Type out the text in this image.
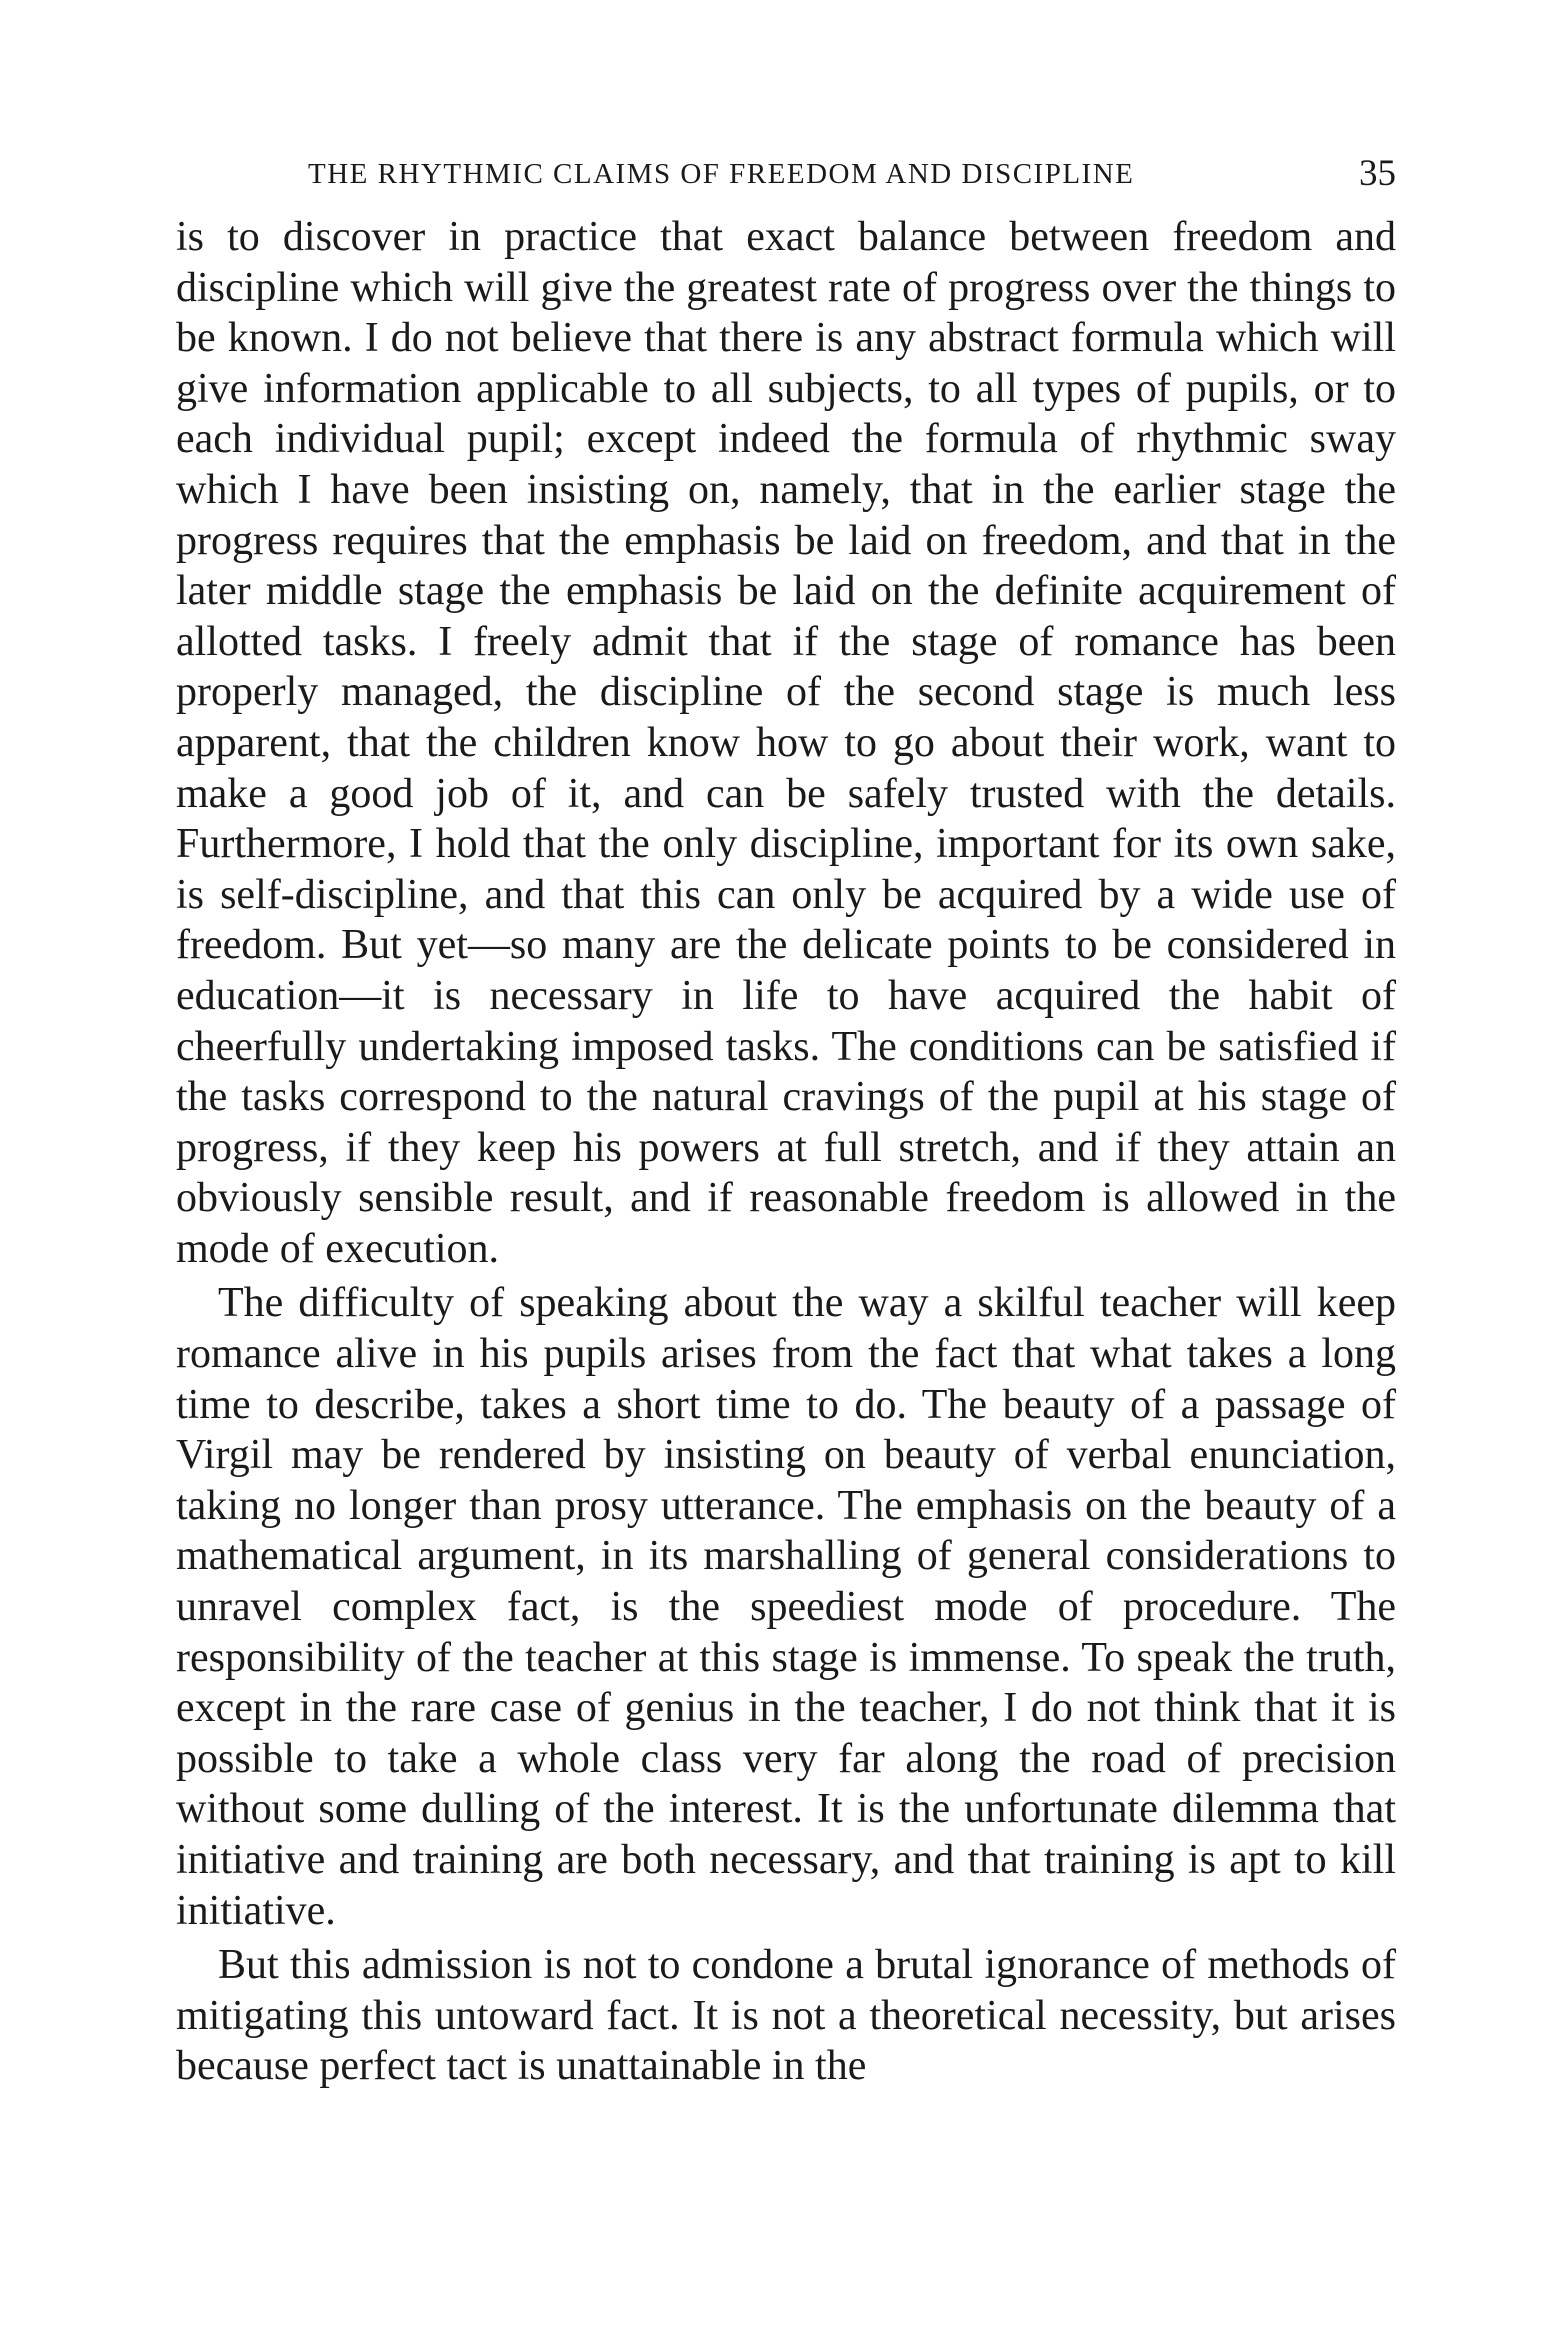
THE RHYTHMIC CLAIMS OF FREEDOM AND DISCIPLINE	35

is to discover in practice that exact balance between freedom and discipline which will give the greatest rate of progress over the things to be known. I do not believe that there is any abstract formula which will give information applicable to all subjects, to all types of pupils, or to each individual pupil; except indeed the formula of rhythmic sway which I have been insisting on, namely, that in the earlier stage the progress requires that the emphasis be laid on freedom, and that in the later middle stage the emphasis be laid on the definite acquirement of allotted tasks. I freely admit that if the stage of romance has been properly managed, the discipline of the second stage is much less apparent, that the children know how to go about their work, want to make a good job of it, and can be safely trusted with the details. Furthermore, I hold that the only discipline, important for its own sake, is self-discipline, and that this can only be acquired by a wide use of freedom. But yet—so many are the delicate points to be considered in education—it is necessary in life to have acquired the habit of cheerfully undertaking imposed tasks. The conditions can be satisfied if the tasks correspond to the natural cravings of the pupil at his stage of progress, if they keep his powers at full stretch, and if they attain an obviously sensible result, and if reasonable freedom is allowed in the mode of execution.

The difficulty of speaking about the way a skilful teacher will keep romance alive in his pupils arises from the fact that what takes a long time to describe, takes a short time to do. The beauty of a passage of Virgil may be rendered by insisting on beauty of verbal enunciation, taking no longer than prosy utterance. The emphasis on the beauty of a mathematical argument, in its marshalling of general considerations to unravel complex fact, is the speediest mode of procedure. The responsibility of the teacher at this stage is immense. To speak the truth, except in the rare case of genius in the teacher, I do not think that it is possible to take a whole class very far along the road of precision without some dulling of the interest. It is the unfortunate dilemma that initiative and training are both necessary, and that training is apt to kill initiative.

But this admission is not to condone a brutal ignorance of methods of mitigating this untoward fact. It is not a theoretical necessity, but arises because perfect tact is unattainable in the
